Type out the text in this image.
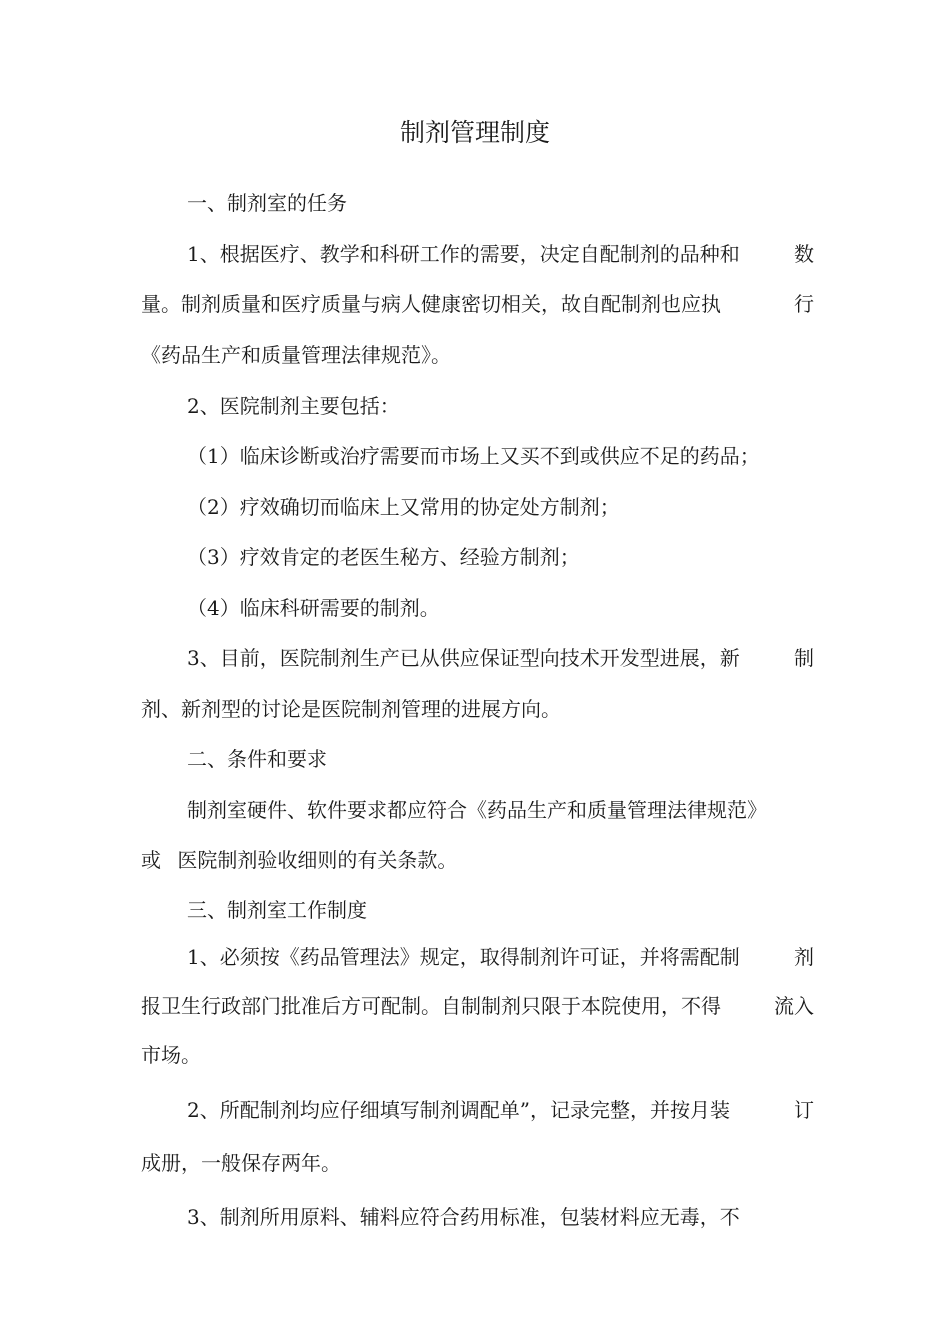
制剂管理制度
一、制剂室的任务
1、根据医疗、教学和科研工作的需要，决定自配制剂的品种和	数
量。制剂质量和医疗质量与病人健康密切相关，故自配制剂也应执	行
《药品生产和质量管理法律规范》。
2、医院制剂主要包括：
（1）临床诊断或治疗需要而市场上又买不到或供应不足的药品；
（2）疗效确切而临床上又常用的协定处方制剂；
（3）疗效肯定的老医生秘方、经验方制剂；
（4）临床科研需要的制剂。
3、目前，医院制剂生产已从供应保证型向技术开发型进展，新	制
剂、新剂型的讨论是医院制剂管理的进展方向。
二、条件和要求
制剂室硬件、软件要求都应符合《药品生产和质量管理法律规范》
或 医院制剂验收细则的有关条款。
三、制剂室工作制度
1、必须按《药品管理法》规定，取得制剂许可证，并将需配制	剂
报卫生行政部门批准后方可配制。自制制剂只限于本院使用，不得	流入
市场。
2、所配制剂均应仔细填写制剂调配单”，记录完整，并按月装	订
成册，一般保存两年。
3、制剂所用原料、辅料应符合药用标准，包装材料应无毒，不
